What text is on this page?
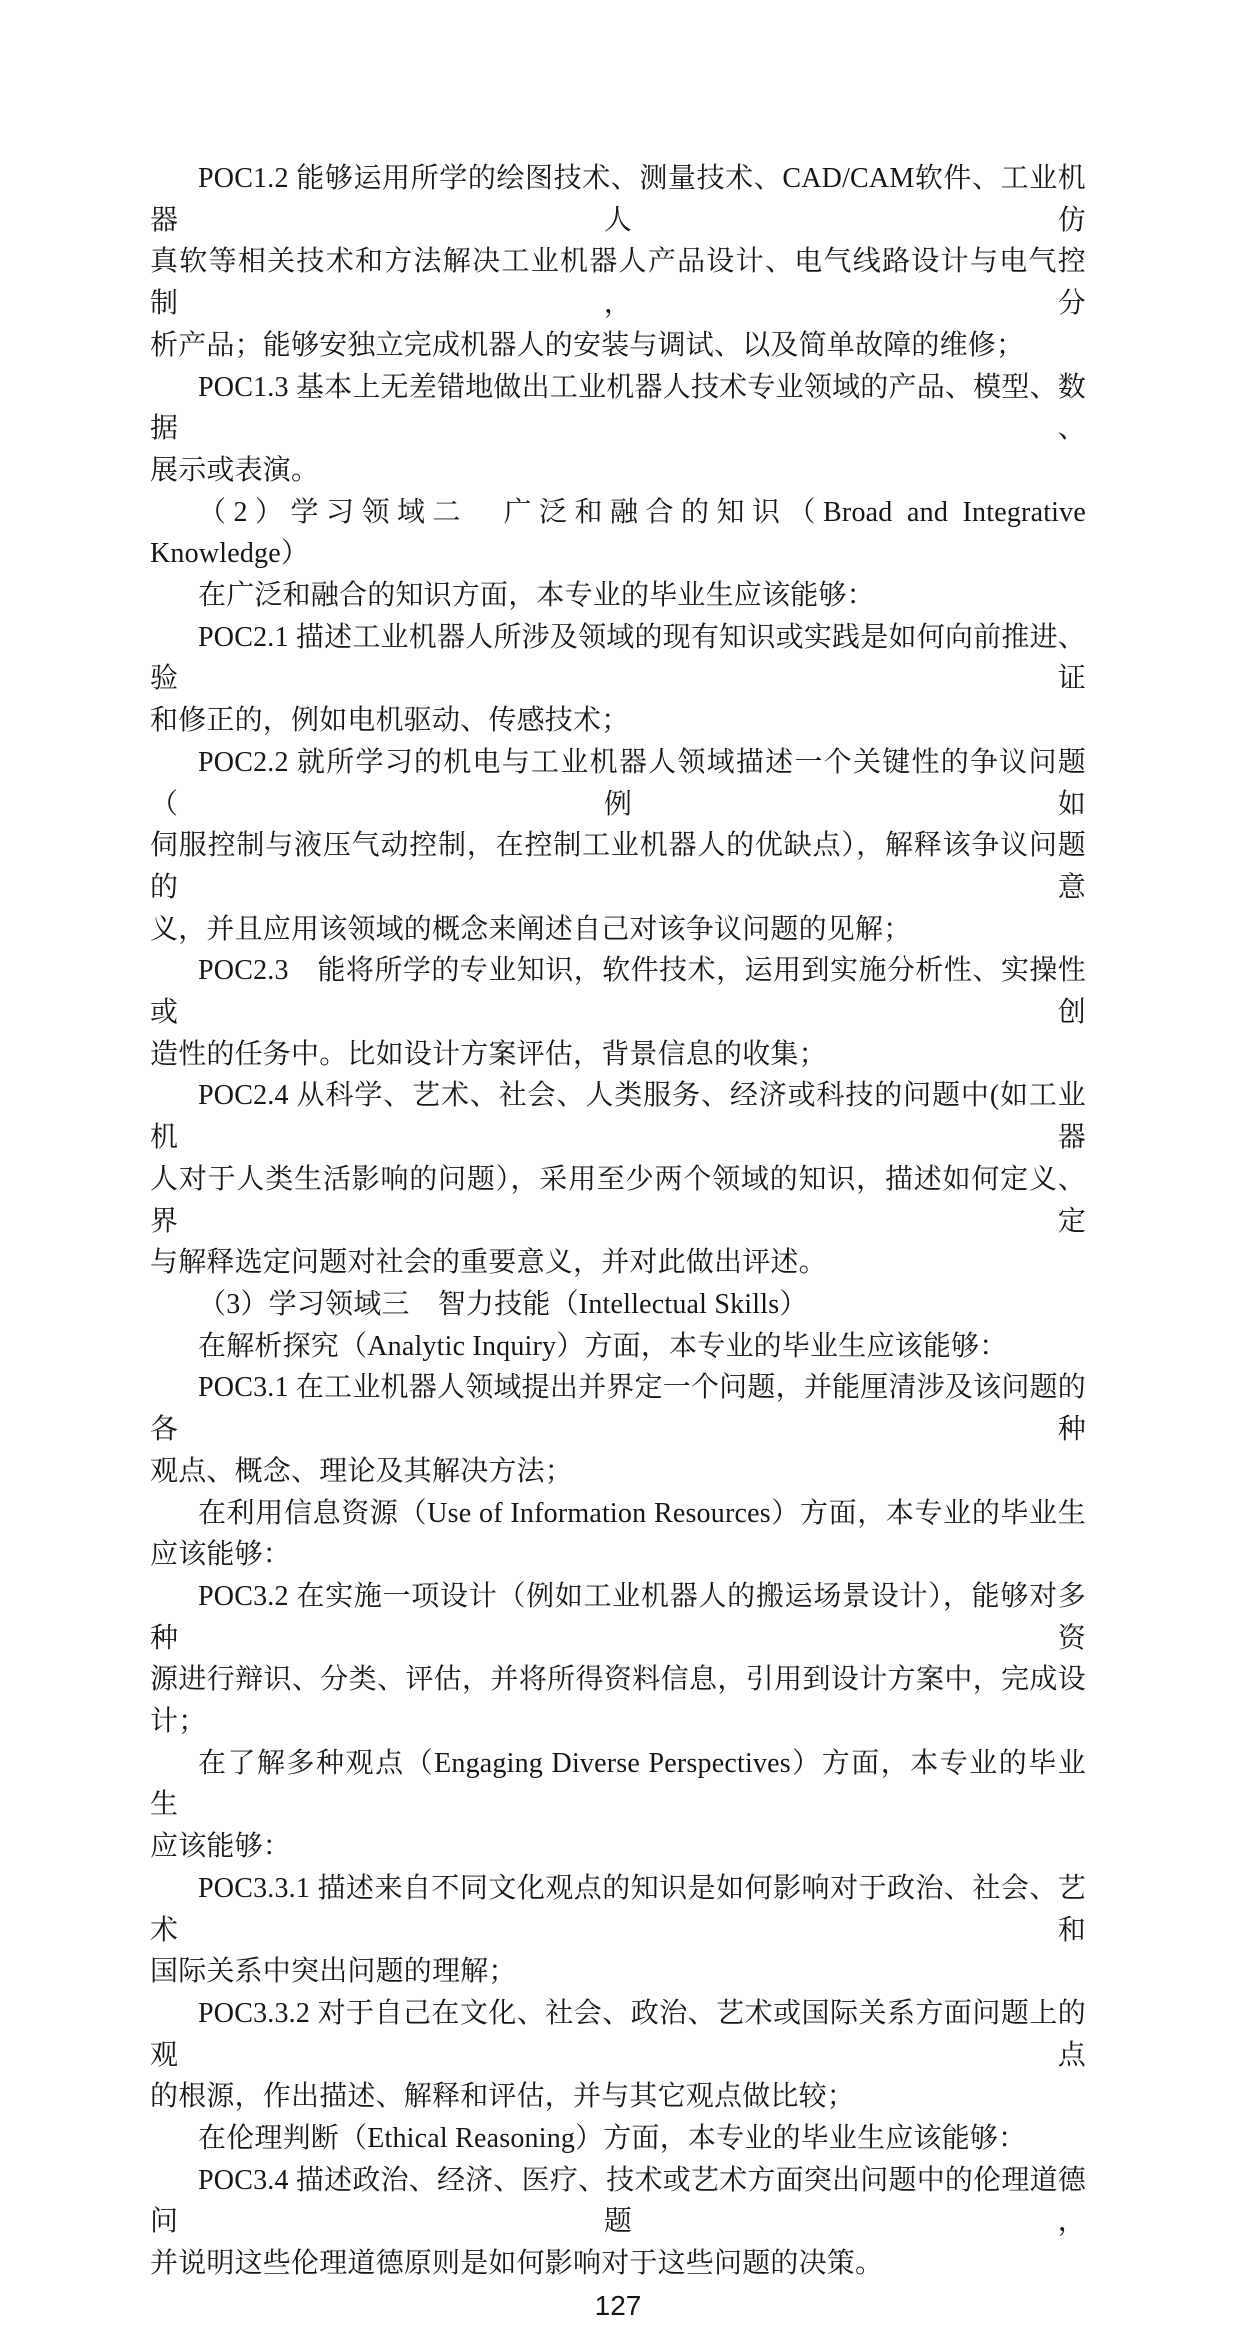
POC1.2 能够运用所学的绘图技术、测量技术、CAD/CAM软件、工业机器人仿
真软等相关技术和方法解决工业机器人产品设计、电气线路设计与电气控制，分
析产品；能够安独立完成机器人的安装与调试、以及简单故障的维修；
POC1.3 基本上无差错地做出工业机器人技术专业领域的产品、模型、数据、
展示或表演。
（2）学习领域二　广泛和融合的知识（Broad and Integrative Knowledge）
在广泛和融合的知识方面，本专业的毕业生应该能够：
POC2.1 描述工业机器人所涉及领域的现有知识或实践是如何向前推进、验证
和修正的，例如电机驱动、传感技术；
POC2.2 就所学习的机电与工业机器人领域描述一个关键性的争议问题（例如
伺服控制与液压气动控制，在控制工业机器人的优缺点），解释该争议问题的意
义，并且应用该领域的概念来阐述自己对该争议问题的见解；
POC2.3　能将所学的专业知识，软件技术，运用到实施分析性、实操性或创
造性的任务中。比如设计方案评估，背景信息的收集；
POC2.4 从科学、艺术、社会、人类服务、经济或科技的问题中(如工业机器
人对于人类生活影响的问题），采用至少两个领域的知识，描述如何定义、界定
与解释选定问题对社会的重要意义，并对此做出评述。
（3）学习领域三　智力技能（Intellectual Skills）
在解析探究（Analytic Inquiry）方面，本专业的毕业生应该能够：
POC3.1 在工业机器人领域提出并界定一个问题，并能厘清涉及该问题的各种
观点、概念、理论及其解决方法；
在利用信息资源（Use of Information Resources）方面，本专业的毕业生
应该能够：
POC3.2 在实施一项设计（例如工业机器人的搬运场景设计），能够对多种资
源进行辩识、分类、评估，并将所得资料信息，引用到设计方案中，完成设计；
在了解多种观点（Engaging Diverse Perspectives）方面，本专业的毕业生
应该能够：
POC3.3.1 描述来自不同文化观点的知识是如何影响对于政治、社会、艺术和
国际关系中突出问题的理解；
POC3.3.2 对于自己在文化、社会、政治、艺术或国际关系方面问题上的观点
的根源，作出描述、解释和评估，并与其它观点做比较；
在伦理判断（Ethical Reasoning）方面，本专业的毕业生应该能够：
POC3.4 描述政治、经济、医疗、技术或艺术方面突出问题中的伦理道德问题，
并说明这些伦理道德原则是如何影响对于这些问题的决策。
127
